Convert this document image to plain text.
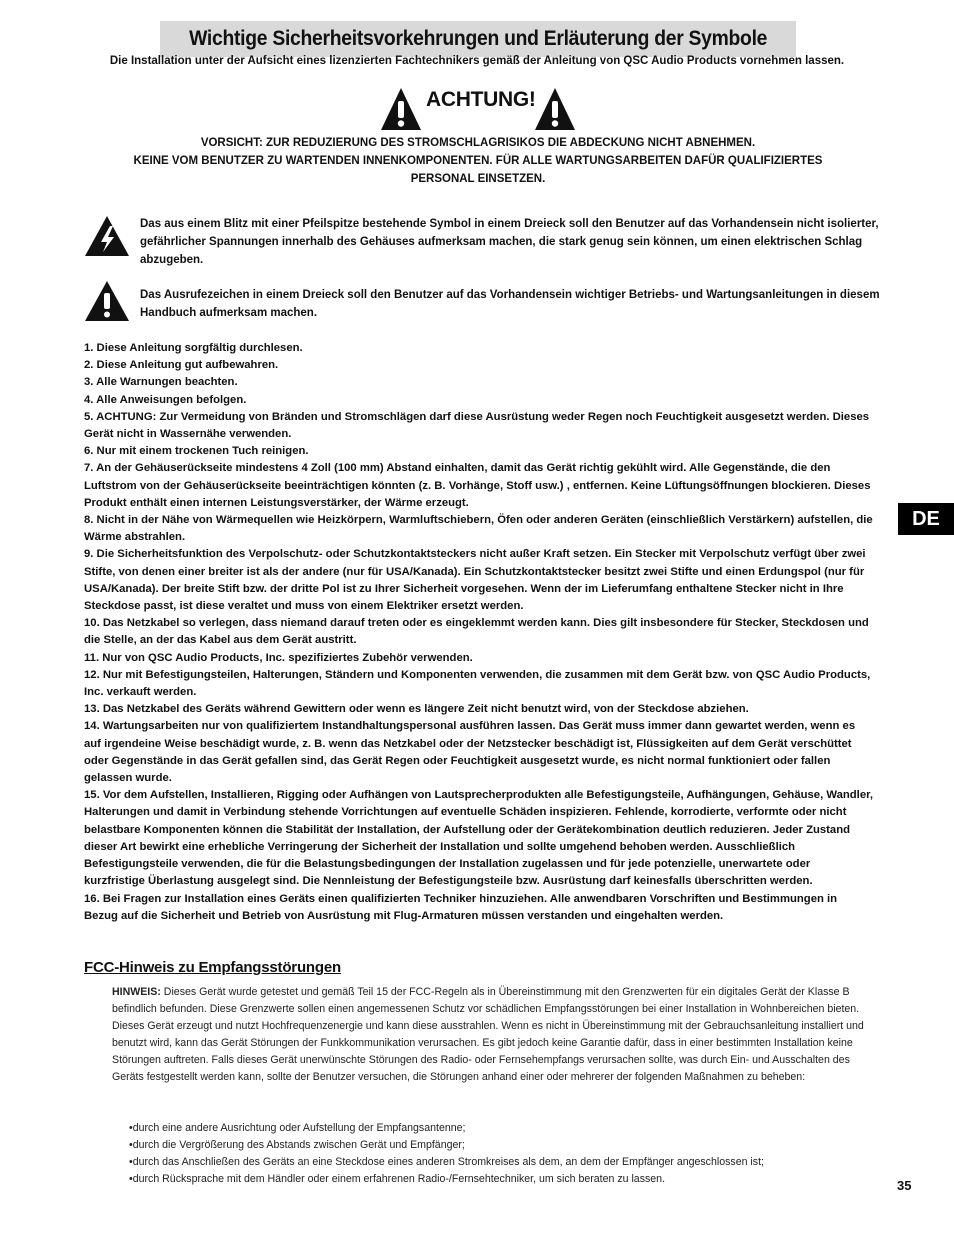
Wichtige Sicherheitsvorkehrungen und Erläuterung der Symbole
Die Installation unter der Aufsicht eines lizenzierten Fachtechnikers gemäß der Anleitung von QSC Audio Products vornehmen lassen.
ACHTUNG!
VORSICHT: ZUR REDUZIERUNG DES STROMSCHLAGRISIKOS DIE ABDECKUNG NICHT ABNEHMEN.
KEINE VOM BENUTZER ZU WARTENDEN INNENKOMPONENTEN. FÜR ALLE WARTUNGSARBEITEN DAFÜR QUALIFIZIERTES
PERSONAL EINSETZEN.
Das aus einem Blitz mit einer Pfeilspitze bestehende Symbol in einem Dreieck soll den Benutzer auf das Vorhandensein nicht isolierter, gefährlicher Spannungen innerhalb des Gehäuses aufmerksam machen, die stark genug sein können, um einen elektrischen Schlag abzugeben.
Das Ausrufezeichen in einem Dreieck soll den Benutzer auf das Vorhandensein wichtiger Betriebs- und Wartungsanleitungen in diesem Handbuch aufmerksam machen.

1. Diese Anleitung sorgfältig durchlesen.

2. Diese Anleitung gut aufbewahren.

3. Alle Warnungen beachten.

4. Alle Anweisungen befolgen.

5. ACHTUNG: Zur Vermeidung von Bränden und Stromschlägen darf diese Ausrüstung weder Regen noch Feuchtigkeit ausgesetzt werden. Dieses Gerät nicht in Wassernähe verwenden.

6. Nur mit einem trockenen Tuch reinigen.

7. An der Gehäuserückseite mindestens 4 Zoll (100 mm) Abstand einhalten, damit das Gerät richtig gekühlt wird. Alle Gegenstände, die den Luftstrom von der Gehäuserückseite beeinträchtigen könnten (z. B. Vorhänge, Stoff usw.) , entfernen. Keine Lüftungsöffnungen blockieren. Dieses Produkt enthält einen internen Leistungsverstärker, der Wärme erzeugt.

8. Nicht in der Nähe von Wärmequellen wie Heizkörpern, Warmluftschiebern, Öfen oder anderen Geräten (einschließlich Verstärkern) aufstellen, die Wärme abstrahlen.

9. Die Sicherheitsfunktion des Verpolschutz- oder Schutzkontaktsteckers nicht außer Kraft setzen. Ein Stecker mit Verpolschutz verfügt über zwei Stifte, von denen einer breiter ist als der andere (nur für USA/Kanada). Ein Schutzkontaktstecker besitzt zwei Stifte und einen Erdungspol (nur für USA/Kanada). Der breite Stift bzw. der dritte Pol ist zu Ihrer Sicherheit vorgesehen. Wenn der im Lieferumfang enthaltene Stecker nicht in Ihre Steckdose passt, ist diese veraltet und muss von einem Elektriker ersetzt werden.

10. Das Netzkabel so verlegen, dass niemand darauf treten oder es eingeklemmt werden kann. Dies gilt insbesondere für Stecker, Steckdosen und die Stelle, an der das Kabel aus dem Gerät austritt.

11. Nur von QSC Audio Products, Inc. spezifiziertes Zubehör verwenden.

12. Nur mit Befestigungsteilen, Halterungen, Ständern und Komponenten verwenden, die zusammen mit dem Gerät bzw. von QSC Audio Products, Inc. verkauft werden.

13. Das Netzkabel des Geräts während Gewittern oder wenn es längere Zeit nicht benutzt wird, von der Steckdose abziehen.

14. Wartungsarbeiten nur von qualifiziertem Instandhaltungspersonal ausführen lassen. Das Gerät muss immer dann gewartet werden, wenn es auf irgendeine Weise beschädigt wurde, z. B. wenn das Netzkabel oder der Netzstecker beschädigt ist, Flüssigkeiten auf dem Gerät verschüttet oder Gegenstände in das Gerät gefallen sind, das Gerät Regen oder Feuchtigkeit ausgesetzt wurde, es nicht normal funktioniert oder fallen gelassen wurde.

15. Vor dem Aufstellen, Installieren, Rigging oder Aufhängen von Lautsprecherprodukten alle Befestigungsteile, Aufhängungen, Gehäuse, Wandler, Halterungen und damit in Verbindung stehende Vorrichtungen auf eventuelle Schäden inspizieren. Fehlende, korrodierte, verformte oder nicht belastbare Komponenten können die Stabilität der Installation, der Aufstellung oder der Gerätekombination deutlich reduzieren. Jeder Zustand dieser Art bewirkt eine erhebliche Verringerung der Sicherheit der Installation und sollte umgehend behoben werden. Ausschließlich Befestigungsteile verwenden, die für die Belastungsbedingungen der Installation zugelassen und für jede potenzielle, unerwartete oder kurzfristige Überlastung ausgelegt sind. Die Nennleistung der Befestigungsteile bzw. Ausrüstung darf keinesfalls überschritten werden.

16. Bei Fragen zur Installation eines Geräts einen qualifizierten Techniker hinzuziehen. Alle anwendbaren Vorschriften und Bestimmungen in Bezug auf die Sicherheit und Betrieb von Ausrüstung mit Flug-Armaturen müssen verstanden und eingehalten werden.

DE
FCC-Hinweis zu Empfangsstörungen
HINWEIS: Dieses Gerät wurde getestet und gemäß Teil 15 der FCC-Regeln als in Übereinstimmung mit den Grenzwerten für ein digitales Gerät der Klasse B befindlich befunden. Diese Grenzwerte sollen einen angemessenen Schutz vor schädlichen Empfangsstörungen bei einer Installation in Wohnbereichen bieten. Dieses Gerät erzeugt und nutzt Hochfrequenzenergie und kann diese ausstrahlen. Wenn es nicht in Übereinstimmung mit der Gebrauchsanleitung installiert und benutzt wird, kann das Gerät Störungen der Funkkommunikation verursachen. Es gibt jedoch keine Garantie dafür, dass in einer bestimmten Installation keine Störungen auftreten. Falls dieses Gerät unerwünschte Störungen des Radio- oder Fernsehempfangs verursachen sollte, was durch Ein- und Ausschalten des Geräts festgestellt werden kann, sollte der Benutzer versuchen, die Störungen anhand einer oder mehrerer der folgenden Maßnahmen zu beheben:
•durch eine andere Ausrichtung oder Aufstellung der Empfangsantenne;
•durch die Vergrößerung des Abstands zwischen Gerät und Empfänger;
•durch das Anschließen des Geräts an eine Steckdose eines anderen Stromkreises als dem, an dem der Empfänger angeschlossen ist;
•durch Rücksprache mit dem Händler oder einem erfahrenen Radio-/Fernsehtechniker, um sich beraten zu lassen.	35
